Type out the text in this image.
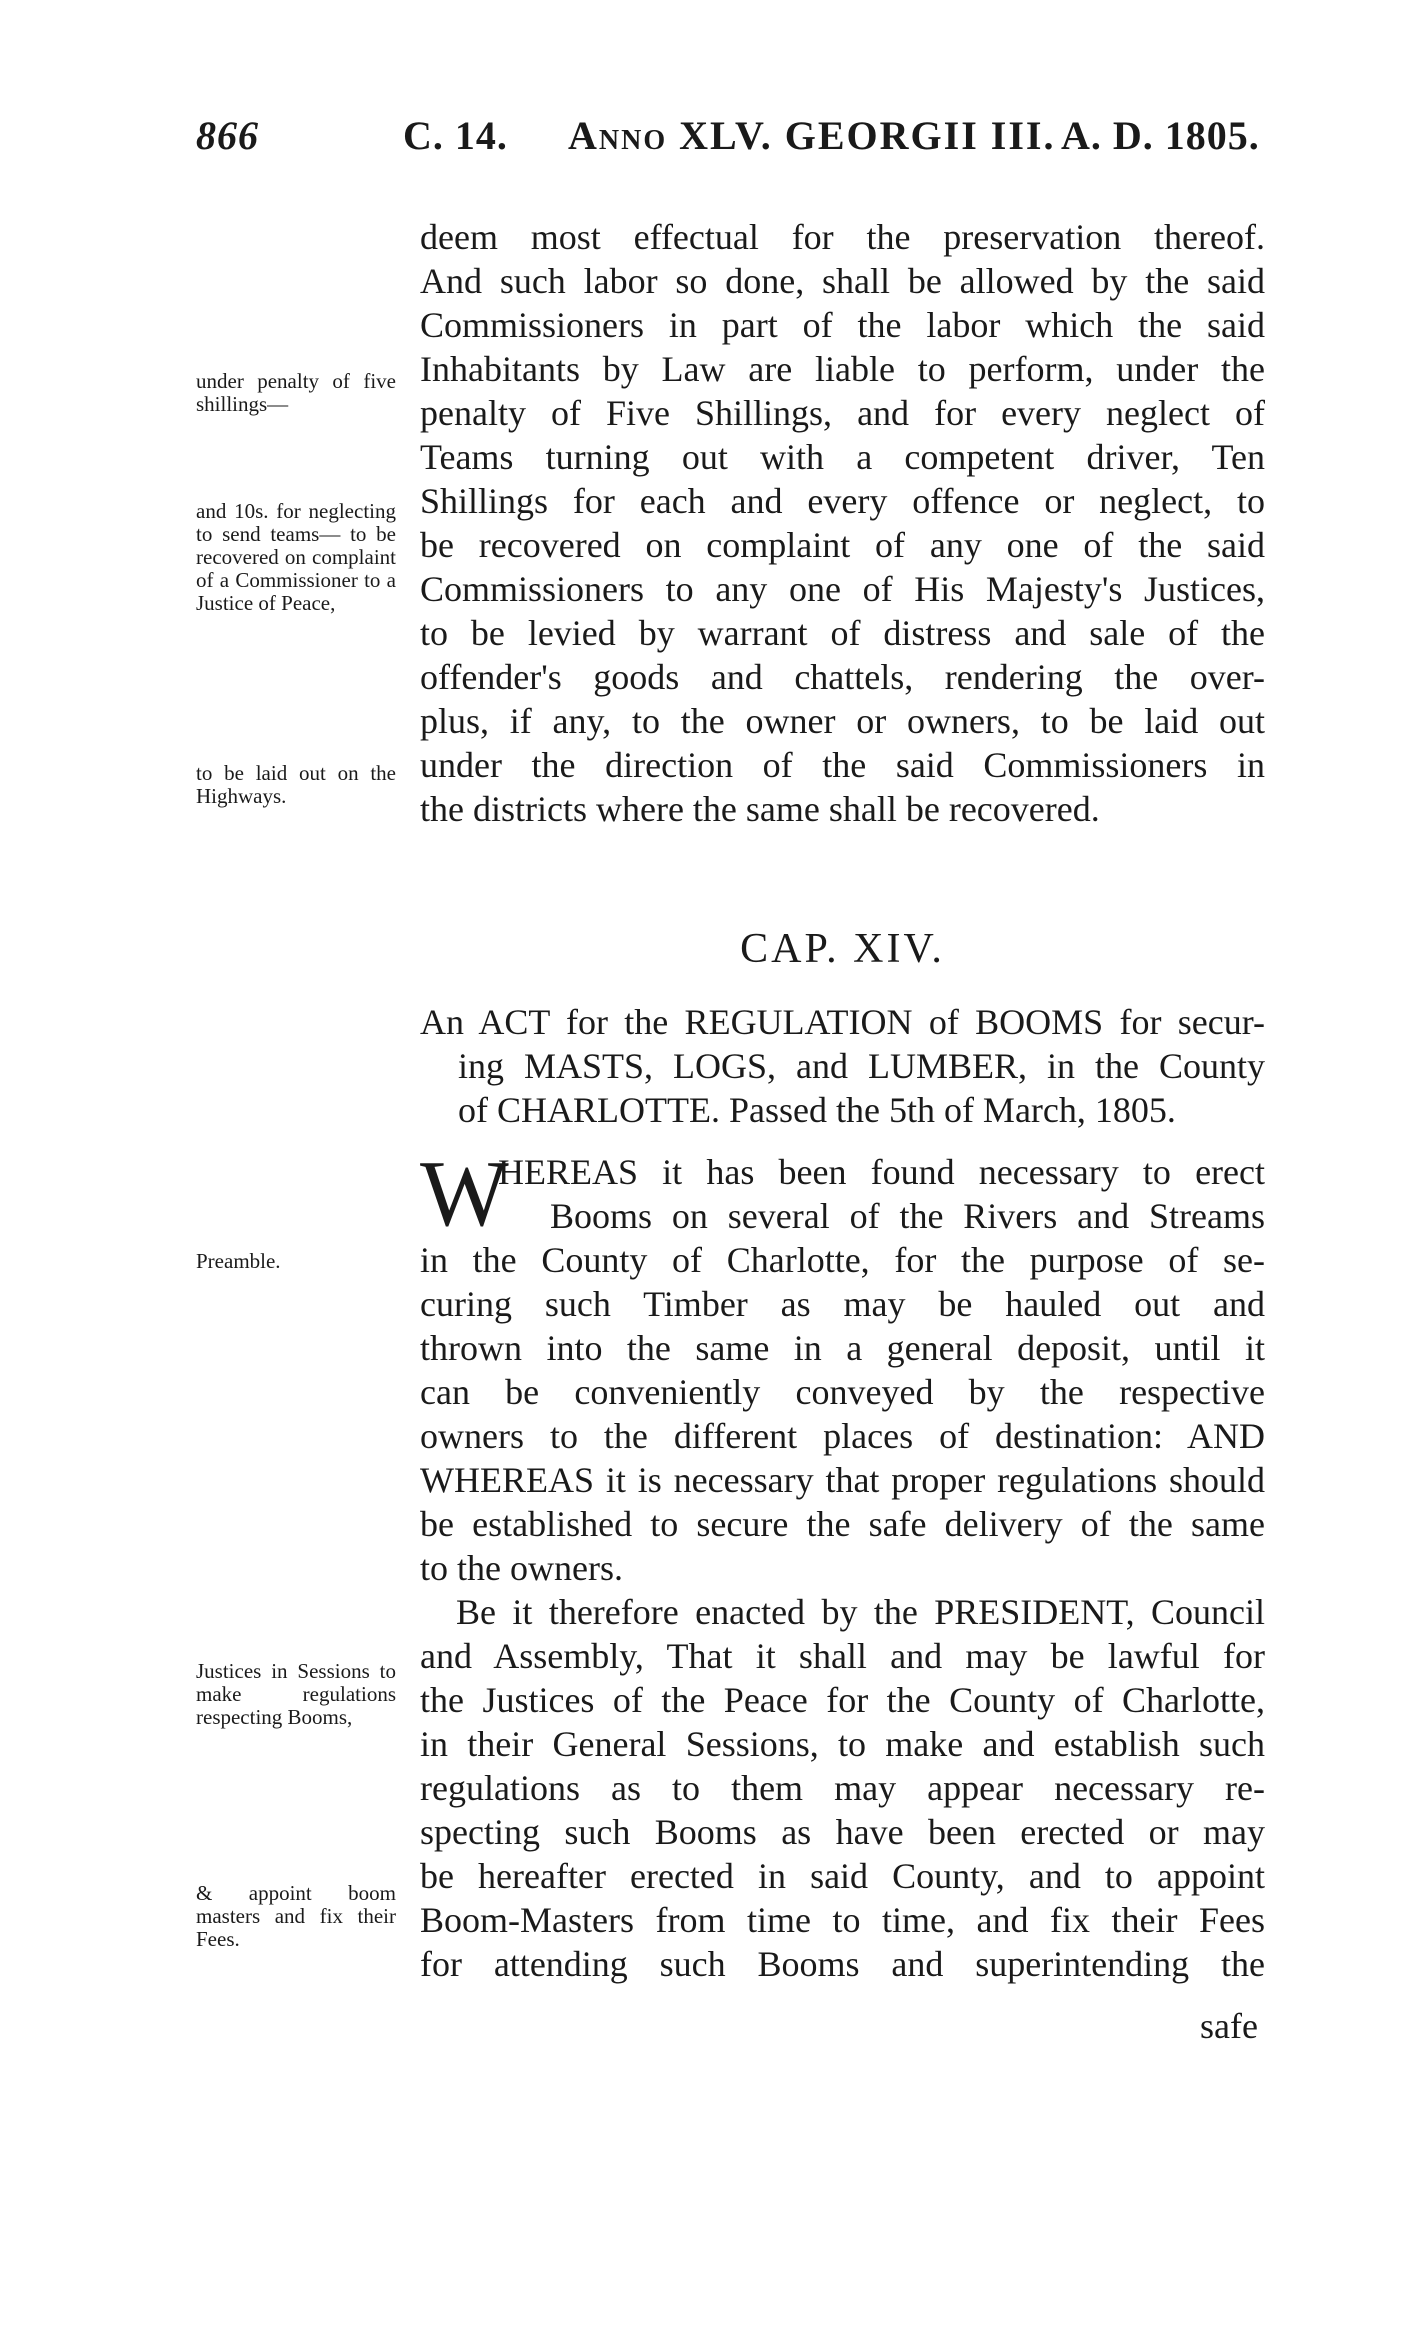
866	C. 14. Anno XLV. GEORGII III. A. D. 1805.
deem most effectual for the preservation thereof.
And such labor so done, shall be allowed by the said
Commissioners in part of the labor which the said
Inhabitants by Law are liable to perform, under the
penalty of Five Shillings, and for every neglect of
Teams turning out with a competent driver, Ten
Shillings for each and every offence or neglect, to
be recovered on complaint of any one of the said
Commissioners to any one of His Majesty's Justices,
to be levied by warrant of distress and sale of the
offender's goods and chattels, rendering the over-
plus, if any, to the owner or owners, to be laid out
under the direction of the said Commissioners in
the districts where the same shall be recovered.
under penalty of five shillings—
and 10s. for neglecting to send teams— to be recovered on complaint of a Commissioner to a Justice of Peace,
to be laid out on the Highways.
Preamble.
Justices in Sessions to make regulations respecting Booms,
& appoint boom masters and fix their Fees.
CAP. XIV.
An ACT for the REGULATION of BOOMS for secur-
ing MASTS, LOGS, and LUMBER, in the County
of CHARLOTTE. Passed the 5th of March, 1805.
W
HEREAS it has been found necessary to erect
Booms on several of the Rivers and Streams
in the County of Charlotte, for the purpose of se-
curing such Timber as may be hauled out and
thrown into the same in a general deposit, until it
can be conveniently conveyed by the respective
owners to the different places of destination: AND
WHEREAS it is necessary that proper regulations should
be established to secure the safe delivery of the same
to the owners.
Be it therefore enacted by the PRESIDENT, Council
and Assembly, That it shall and may be lawful for
the Justices of the Peace for the County of Charlotte,
in their General Sessions, to make and establish such
regulations as to them may appear necessary re-
specting such Booms as have been erected or may
be hereafter erected in said County, and to appoint
Boom-Masters from time to time, and fix their Fees
for attending such Booms and superintending the
safe
